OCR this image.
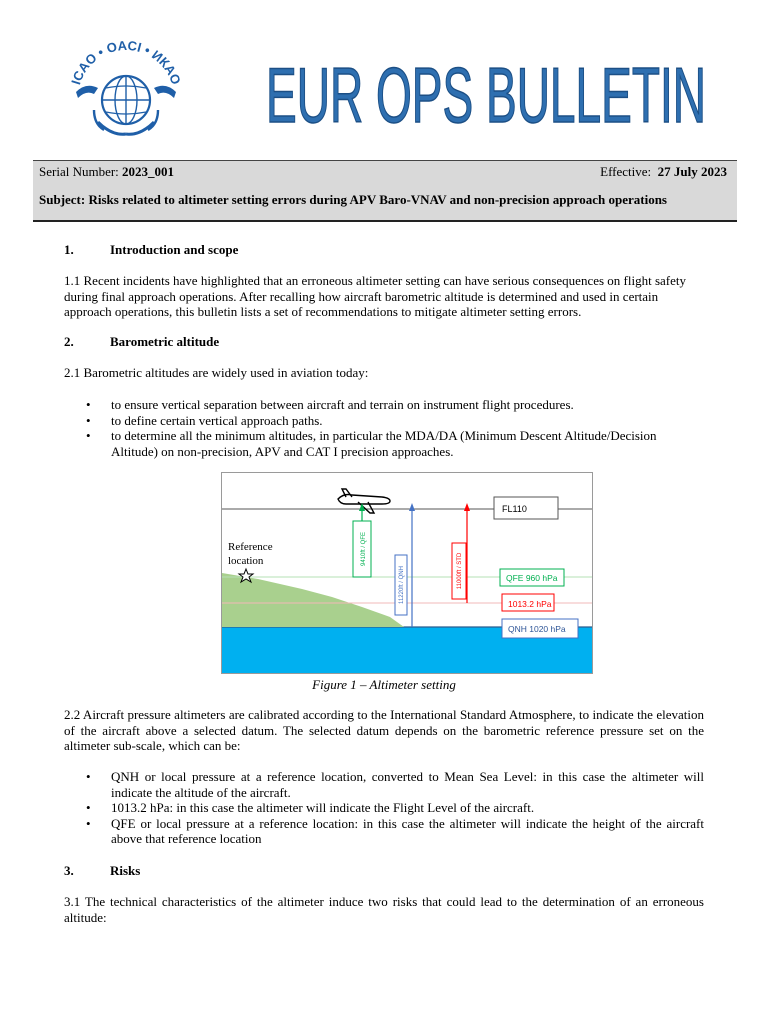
ICAO • OACI • ИКАО EUR OPS BULLETIN
Serial Number: 2023_001	Effective: 27 July 2023
Subject: Risks related to altimeter setting errors during APV Baro-VNAV and non-precision approach operations
1.	Introduction and scope
1.1 Recent incidents have highlighted that an erroneous altimeter setting can have serious consequences on flight safety during final approach operations. After recalling how aircraft barometric altitude is determined and used in certain approach operations, this bulletin lists a set of recommendations to mitigate altimeter setting errors.
2.	Barometric altitude
2.1 Barometric altitudes are widely used in aviation today:
• to ensure vertical separation between aircraft and terrain on instrument flight procedures.
• to define certain vertical approach paths.
• to determine all the minimum altitudes, in particular the MDA/DA (Minimum Descent Altitude/Decision Altitude) on non-precision, APV and CAT I precision approaches.
9410ft / QFE
11220ft / QNH	11000ft / STD
FL110
QFE 960 hPa
1013.2 hPa
QNH 1020 hPa
Reference
location
Figure 1 – Altimeter setting
2.2 Aircraft pressure altimeters are calibrated according to the International Standard Atmosphere, to indicate the elevation of the aircraft above a selected datum. The selected datum depends on the barometric reference pressure set on the altimeter sub-scale, which can be:
• QNH or local pressure at a reference location, converted to Mean Sea Level: in this case the altimeter will indicate the altitude of the aircraft.
• 1013.2 hPa: in this case the altimeter will indicate the Flight Level of the aircraft.
• QFE or local pressure at a reference location: in this case the altimeter will indicate the height of the aircraft above that reference location
3.	Risks
3.1 The technical characteristics of the altimeter induce two risks that could lead to the determination of an erroneous altitude:
